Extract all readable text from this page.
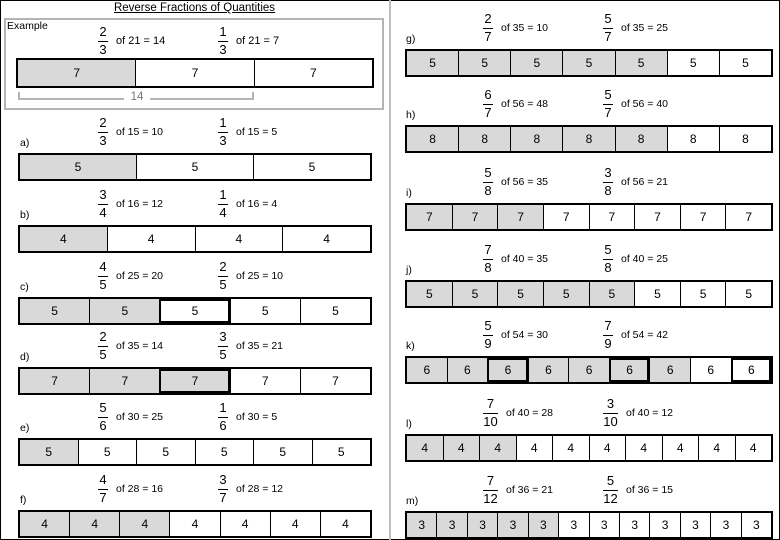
Reverse Fractions of Quantities
Example
14
$\frac{2}{3}$ of 21 = 14	$\frac{1}{3}$ of 21 = 7
7	7	7
a)	$\frac{2}{3}$ of 15 = 10	$\frac{1}{3}$ of 15 = 5
5	5	5
b)	$\frac{3}{4}$ of 16 = 12	$\frac{1}{4}$ of 16 = 4
4	4	4	4
c)	$\frac{4}{5}$ of 25 = 20	$\frac{2}{5}$ of 25 = 10
5	5	5	5	5
d)	$\frac{2}{5}$ of 35 = 14	$\frac{3}{5}$ of 35 = 21
7	7	7	7	7
e)	$\frac{5}{6}$ of 30 = 25	$\frac{1}{6}$ of 30 = 5
5	5	5	5	5	5
f)	$\frac{4}{7}$ of 28 = 16	$\frac{3}{7}$ of 28 = 12
4	4	4	4	4	4	4
g)	$\frac{2}{7}$ of 35 = 10	$\frac{5}{7}$ of 35 = 25
5	5	5	5	5	5	5
h)	$\frac{6}{7}$ of 56 = 48	$\frac{5}{7}$ of 56 = 40
8	8	8	8	8	8	8
i)	$\frac{5}{8}$ of 56 = 35	$\frac{3}{8}$ of 56 = 21
7	7	7	7	7	7	7	7
j)	$\frac{7}{8}$ of 40 = 35	$\frac{5}{8}$ of 40 = 25
5	5	5	5	5	5	5	5
k)	$\frac{5}{9}$ of 54 = 30	$\frac{7}{9}$ of 54 = 42
6	6	6	6	6	6	6	6	6
l)	$\frac{7}{10}$ of 40 = 28	$\frac{3}{10}$ of 40 = 12
4	4	4	4	4	4	4	4	4	4
m)	$\frac{7}{12}$ of 36 = 21	$\frac{5}{12}$ of 36 = 15
3	3	3	3	3	3	3	3	3	3	3	3
